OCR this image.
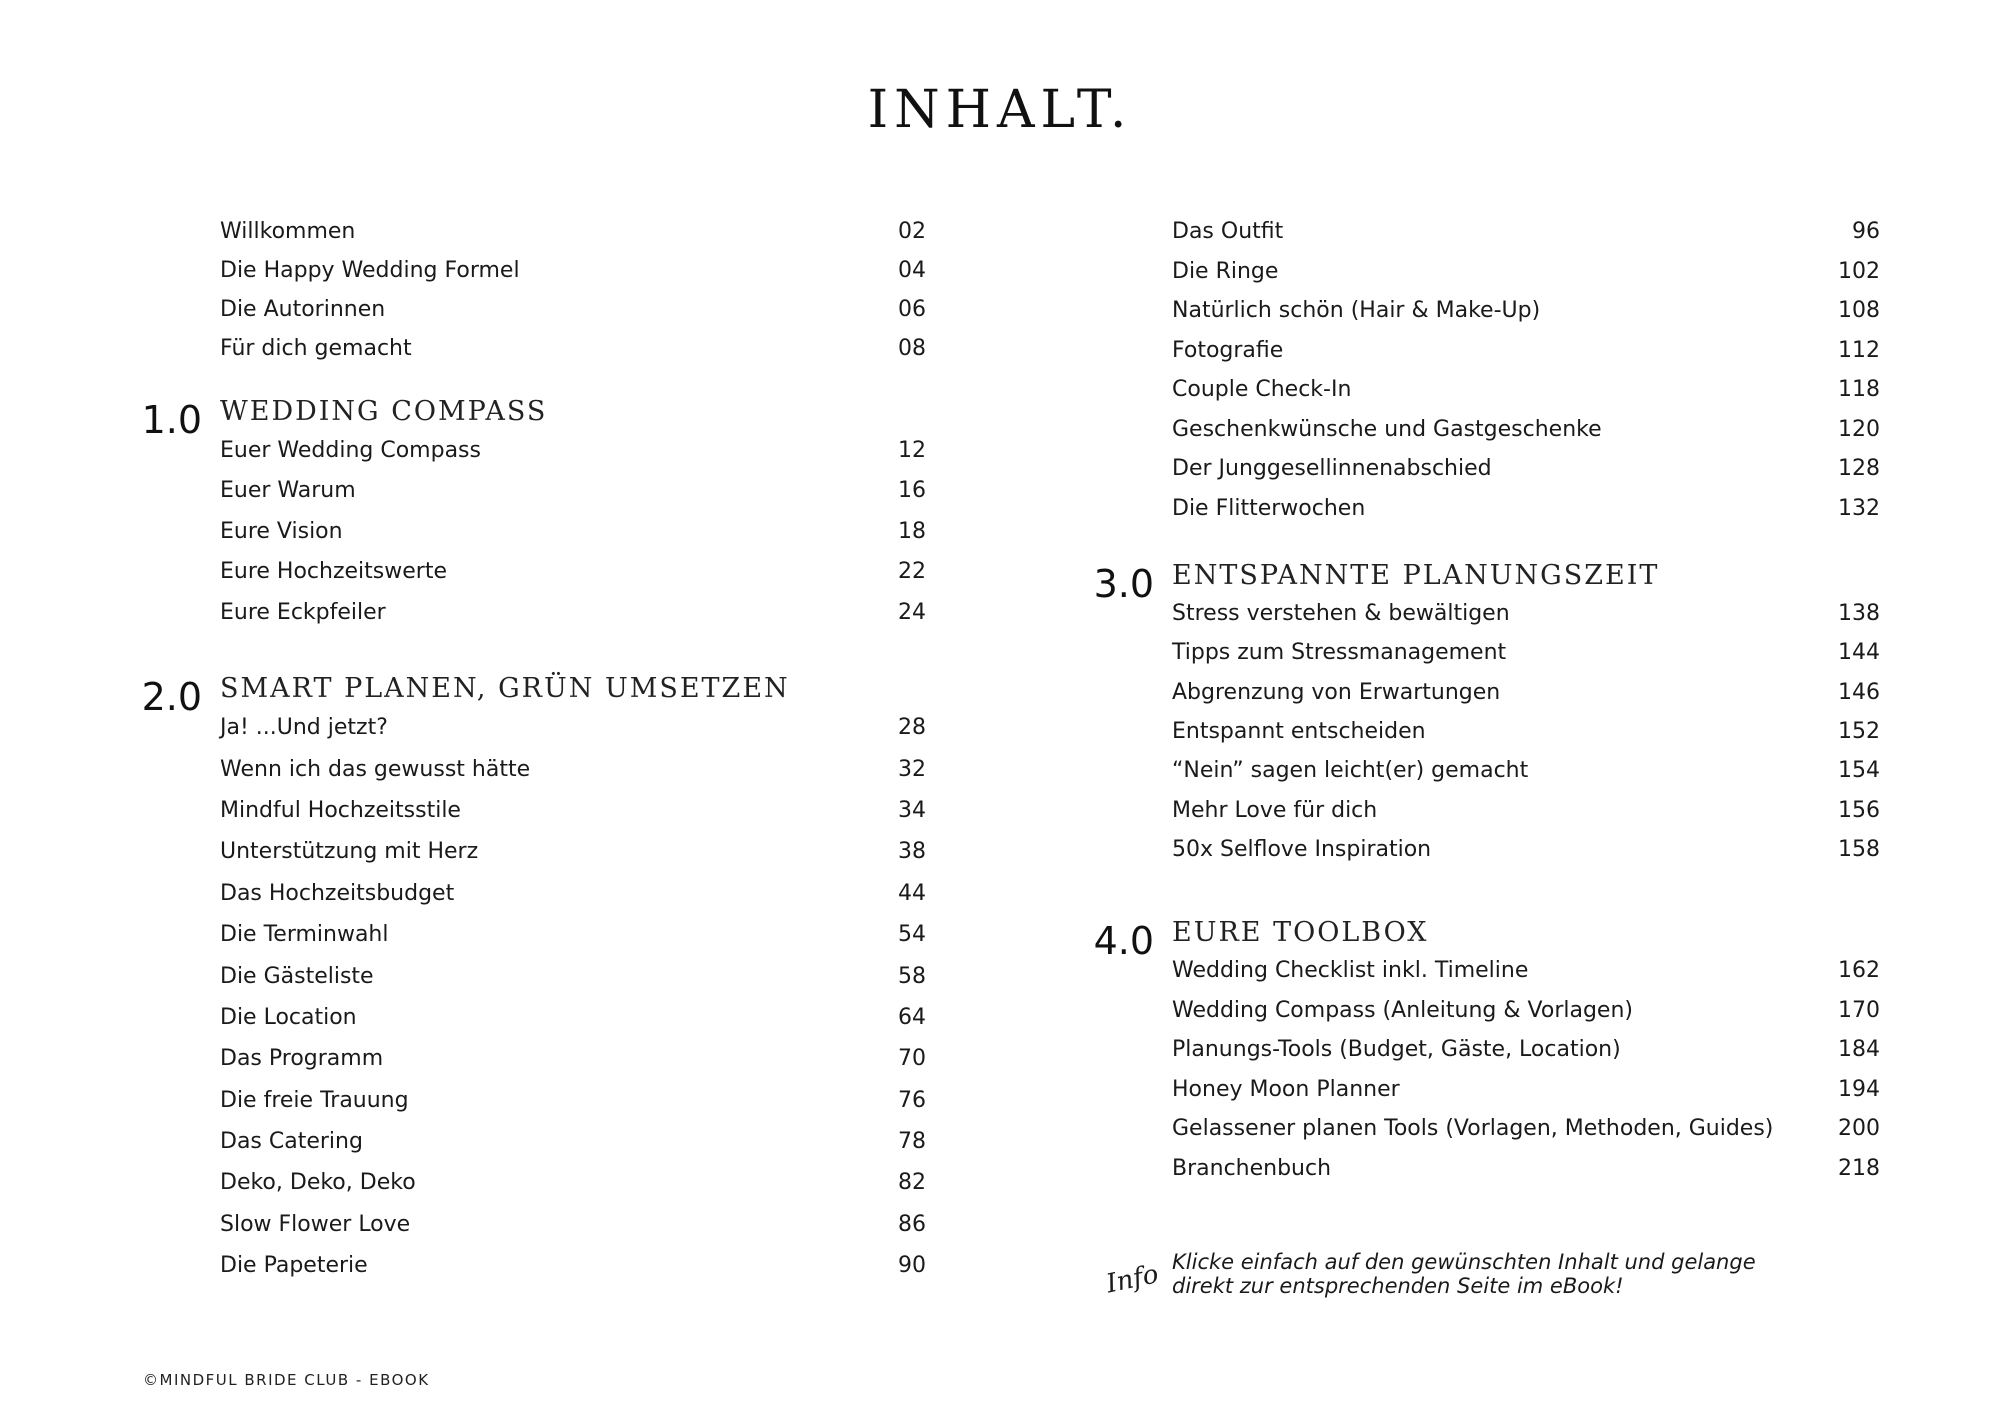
INHALT.
Willkommen	02
Die Happy Wedding Formel	04
Die Autorinnen	06
Für dich gemacht	08
1.0 WEDDING COMPASS
Euer Wedding Compass	12
Euer Warum	16
Eure Vision	18
Eure Hochzeitswerte	22
Eure Eckpfeiler	24
2.0 SMART PLANEN, GRÜN UMSETZEN
Ja! ...Und jetzt?	28
Wenn ich das gewusst hätte	32
Mindful Hochzeitsstile	34
Unterstützung mit Herz	38
Das Hochzeitsbudget	44
Die Terminwahl	54
Die Gästeliste	58
Die Location	64
Das Programm	70
Die freie Trauung	76
Das Catering	78
Deko, Deko, Deko	82
Slow Flower Love	86
Die Papeterie	90
Das Outfit	96
Die Ringe	102
Natürlich schön (Hair & Make-Up)	108
Fotografie	112
Couple Check-In	118
Geschenkwünsche und Gastgeschenke	120
Der Junggesellinnenabschied	128
Die Flitterwochen	132
3.0 ENTSPANNTE PLANUNGSZEIT
Stress verstehen & bewältigen	138
Tipps zum Stressmanagement	144
Abgrenzung von Erwartungen	146
Entspannt entscheiden	152
“Nein” sagen leicht(er) gemacht	154
Mehr Love für dich	156
50x Selflove Inspiration	158
4.0 EURE TOOLBOX
Wedding Checklist inkl. Timeline	162
Wedding Compass (Anleitung & Vorlagen)	170
Planungs-Tools (Budget, Gäste, Location)	184
Honey Moon Planner	194
Gelassener planen Tools (Vorlagen, Methoden, Guides)	200
Branchenbuch	218
Info Klicke einfach auf den gewünschten Inhalt und gelange direkt zur entsprechenden Seite im eBook!

©MINDFUL BRIDE CLUB - EBOOK
